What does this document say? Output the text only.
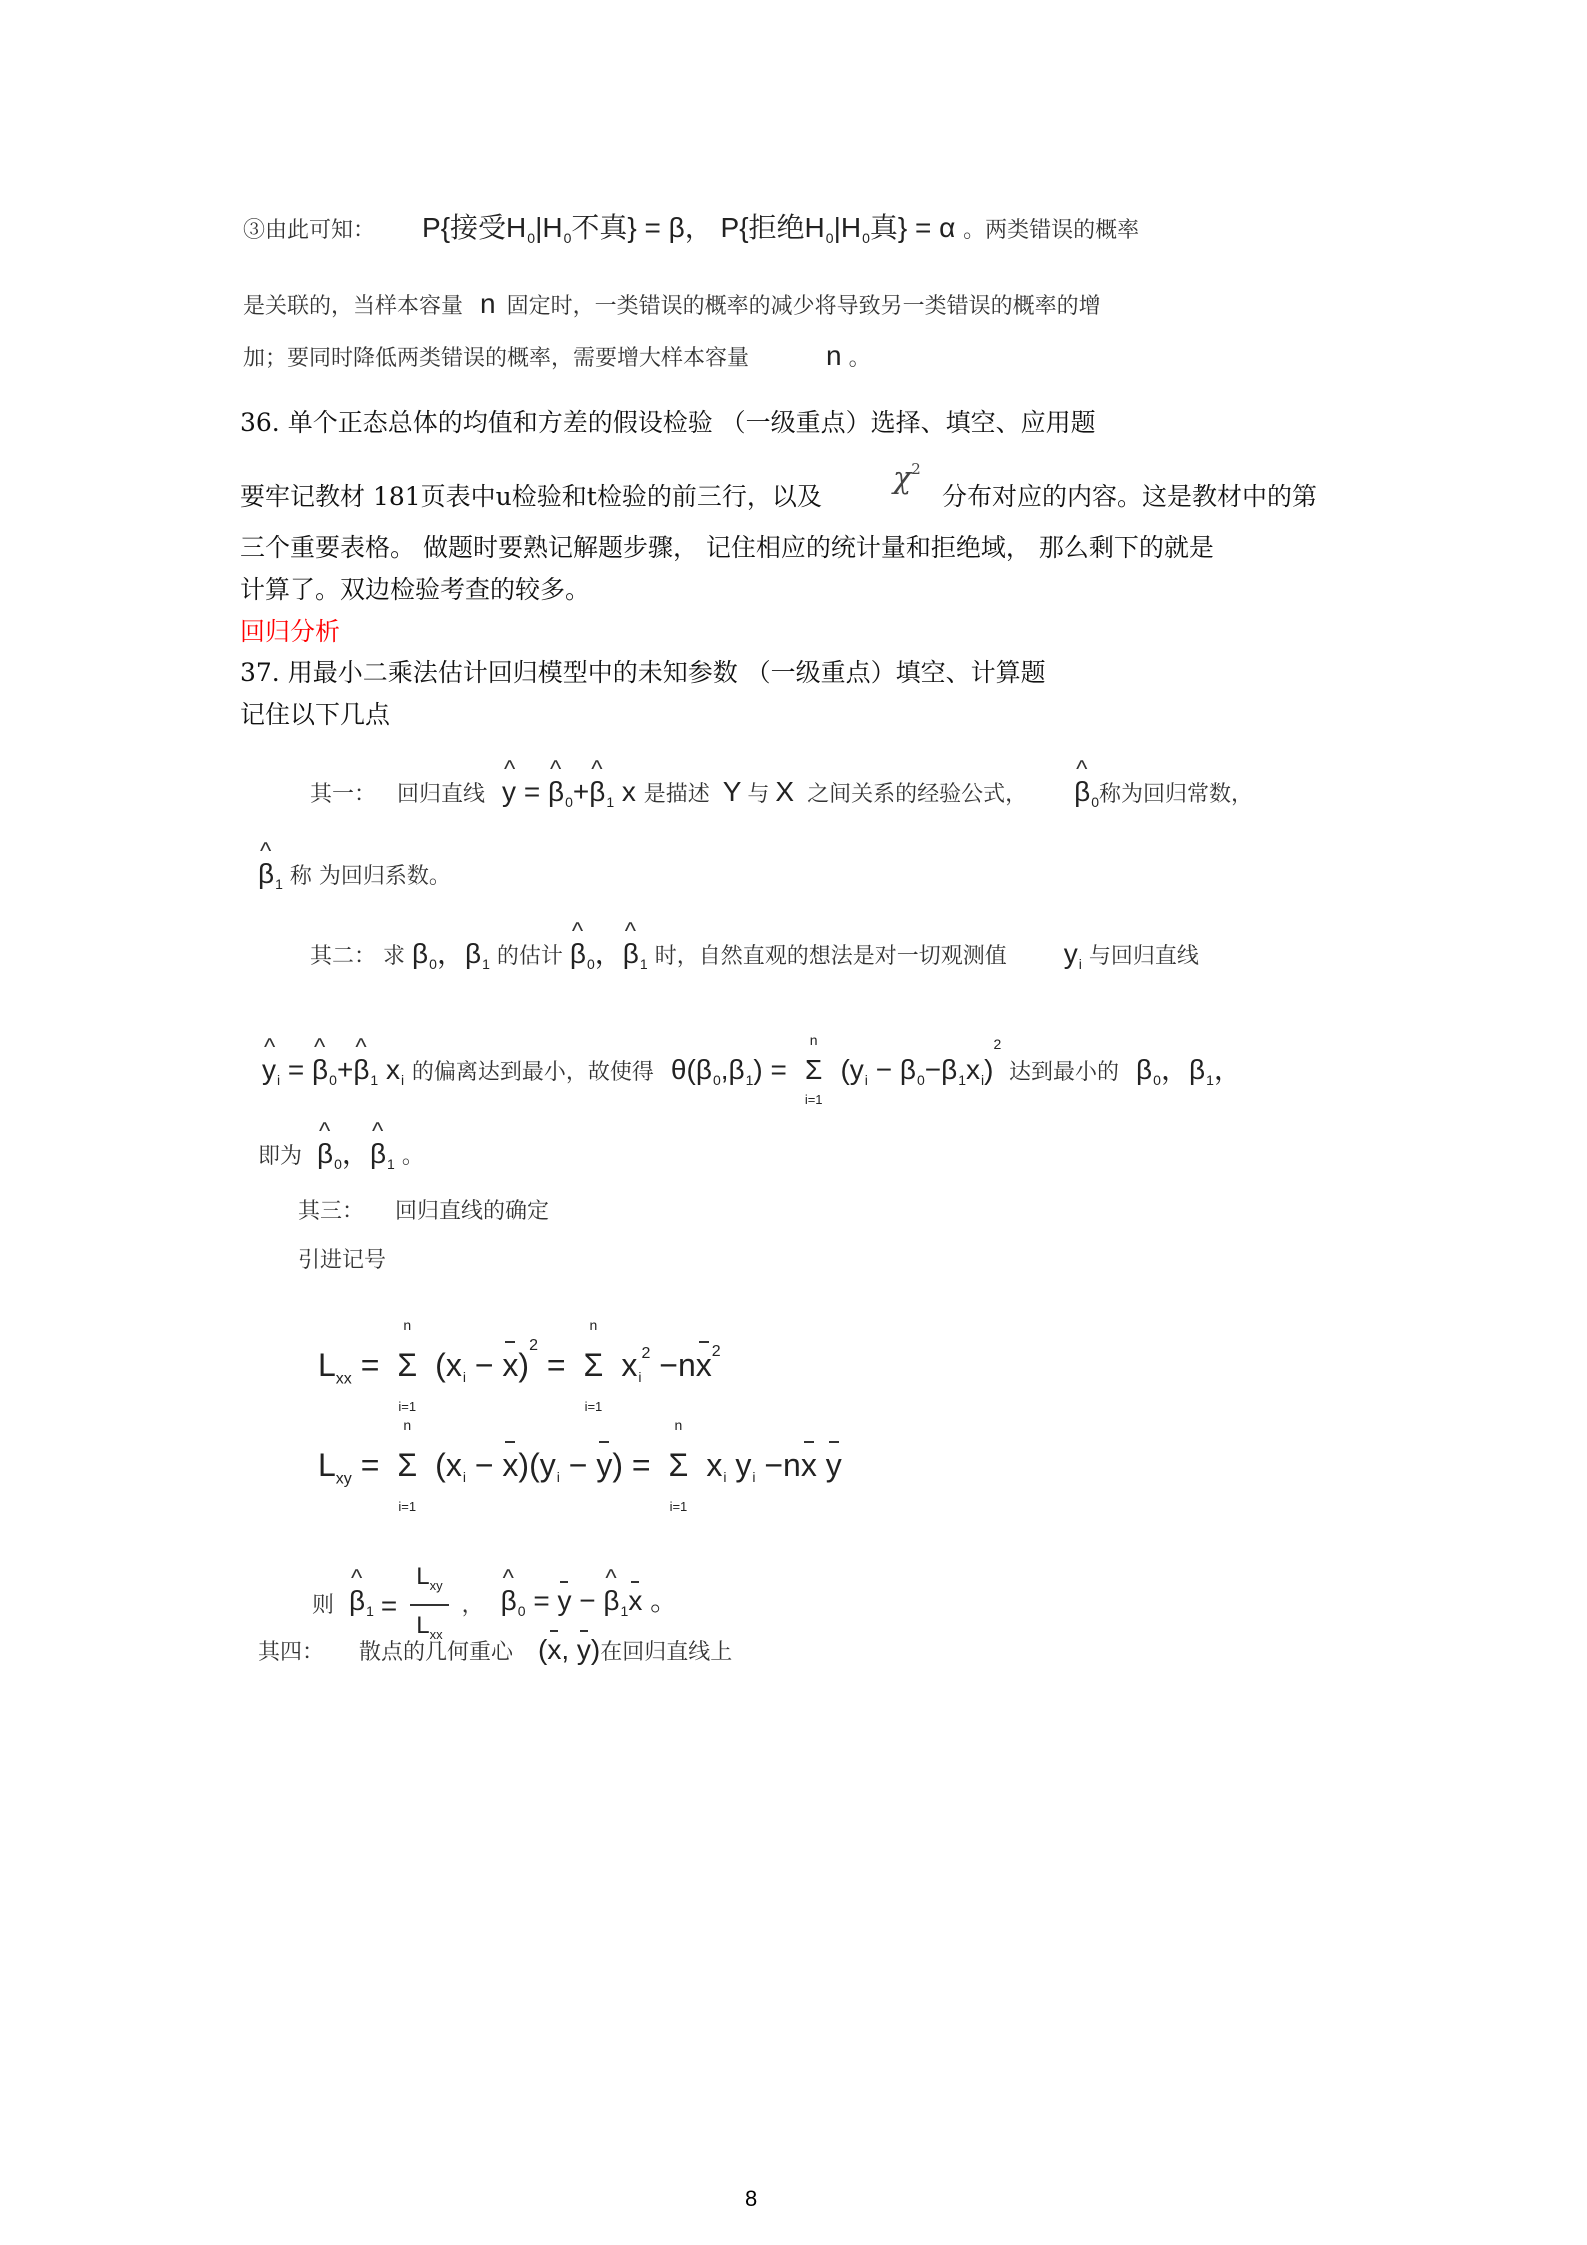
③由此可知： P{接受$H_0|H_0$不真} = β， P{拒绝$H_0|H_0$真} = α 。两类错误的概率
是关联的，当样本容量 n 固定时，一类错误的概率的减少将导致另一类错误的概率的增
加；要同时降低两类错误的概率，需要增大样本容量	n 。
36. 单个正态总体的均值和方差的假设检验 （一级重点）选择、填空、应用题
要牢记教材 181页表中u检验和t检验的前三行，以及
$\chi^2$
分布对应的内容。这是教材中的第
三个重要表格。 做题时要熟记解题步骤， 记住相应的统计量和拒绝域， 那么剩下的就是
计算了。双边检验考查的较多。
回归分析
37. 用最小二乘法估计回归模型中的未知参数 （一级重点）填空、计算题
记住以下几点
其一： 回归直线 ^ y = ^ $\beta_0+\^{}$ $\beta_1$ x 是描述 Y 与 X 之间关系的经验公式， ^ $\beta_0$称为回归常数，
^ $\beta_1$ 称 为回归系数。
其二： 求 $\beta_0$，$\beta_1$ 的估计 ^ $\beta_0$，^ $\beta_1$ 时，自然直观的想法是对一切观测值 $y_i$ 与回归直线
^ $y_i$ = ^ $\beta_0+\^{}$ $\beta_1$ $x_i$ 的偏离达到最小，故使得 $\theta(\beta_0,\beta_1)$ =
n
Σ
i=1
$(y_i - \beta_0-\beta_1x_i)^2$ 达到最小的 $\beta_0$，$\beta_1$，
即为 ^ $\beta_0$，^ $\beta_1$ 。
其三： 回归直线的确定
引进记号
$L_{xx}$ =
n
Σ
i=1
$(x_i - x)^2$ =
n
Σ
i=1
$x_i^2 -nx^2$
$L_{xy}$ =
n
Σ
i=1
$(x_i - x)(y_i - y)$ =
n
Σ
i=1
$x_i$ $y_i -nx$ y
则 ^ $\beta_1 = \frac{L_{xy}}{L_{xx}}$ ， ^ $\beta_0 = y$ − ^ $\beta_1x$ 。
其四： 散点的几何重心 (x, y)在回归直线上
8
